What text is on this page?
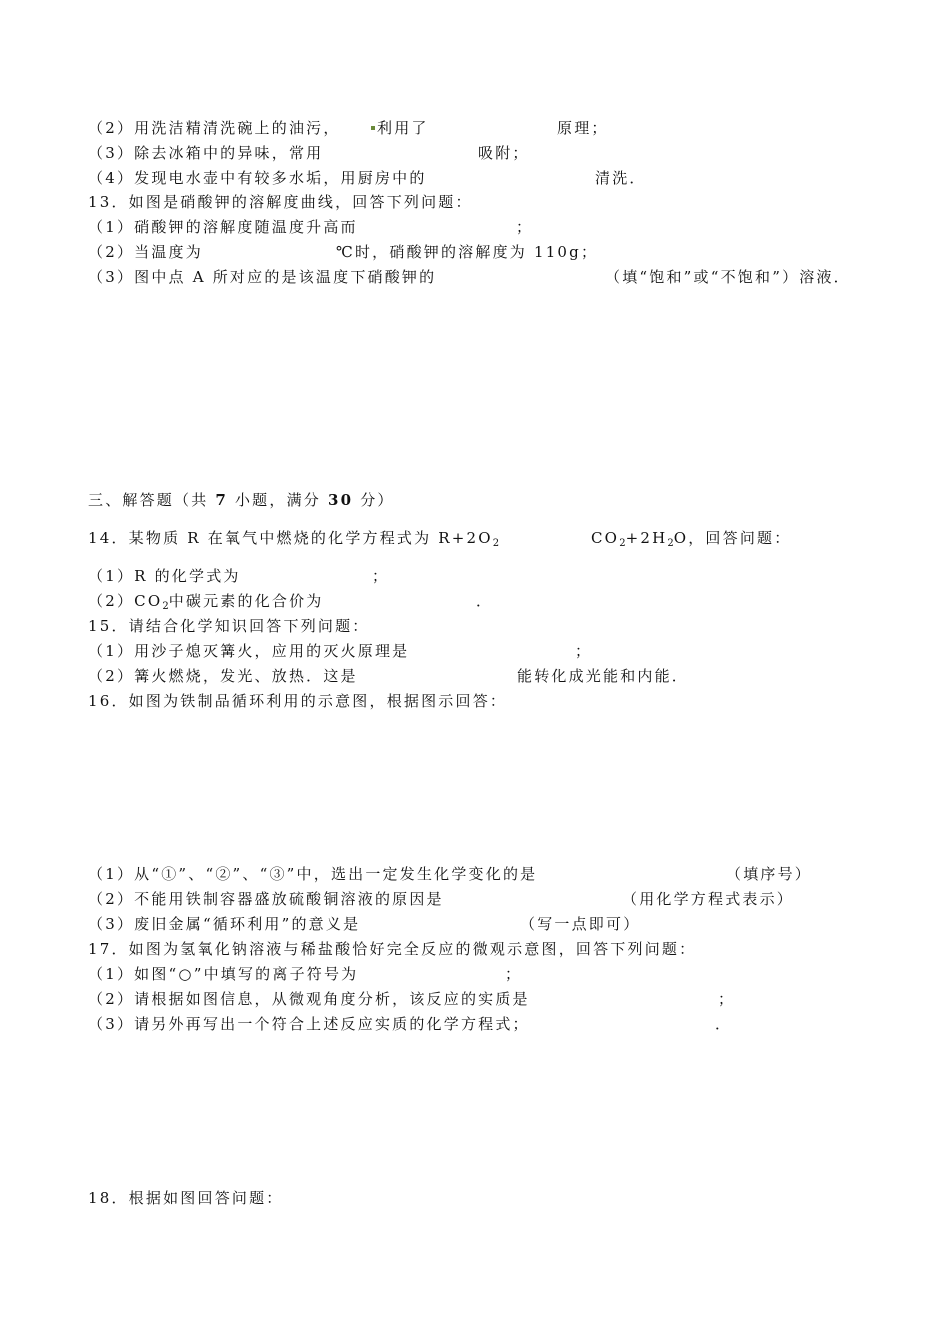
（2）用洗洁精清洗碗上的油污，	利用了	原理；
（3）除去冰箱中的异味，常用	吸附；
（4）发现电水壶中有较多水垢，用厨房中的	清洗．
13．如图是硝酸钾的溶解度曲线，回答下列问题：
（1）硝酸钾的溶解度随温度升高而	；
（2）当温度为	℃时，硝酸钾的溶解度为 110g；
（3）图中点 A 所对应的是该温度下硝酸钾的	（填“饱和”或“不饱和”）溶液．
三、解答题（共 7 小题，满分 30 分）
14．某物质 R 在氧气中燃烧的化学方程式为 $R+2O_2$	$CO_2+2H_2O$，回答问题：
（1）R 的化学式为	；
$(2)CO_2$中碳元素的化合价为	．
15．请结合化学知识回答下列问题：
（1）用沙子熄灭篝火，应用的灭火原理是	；
（2）篝火燃烧，发光、放热．这是	能转化成光能和内能．
16．如图为铁制品循环利用的示意图，根据图示回答：
（1）从“①”、“②”、“③”中，选出一定发生化学变化的是	（填序号）
（2）不能用铁制容器盛放硫酸铜溶液的原因是	（用化学方程式表示）
（3）废旧金属“循环利用”的意义是	（写一点即可）
17．如图为氢氧化钠溶液与稀盐酸恰好完全反应的微观示意图，回答下列问题：
（1）如图“○”中填写的离子符号为	；
（2）请根据如图信息，从微观角度分析，该反应的实质是	；
（3）请另外再写出一个符合上述反应实质的化学方程式；	．
18．根据如图回答问题：
